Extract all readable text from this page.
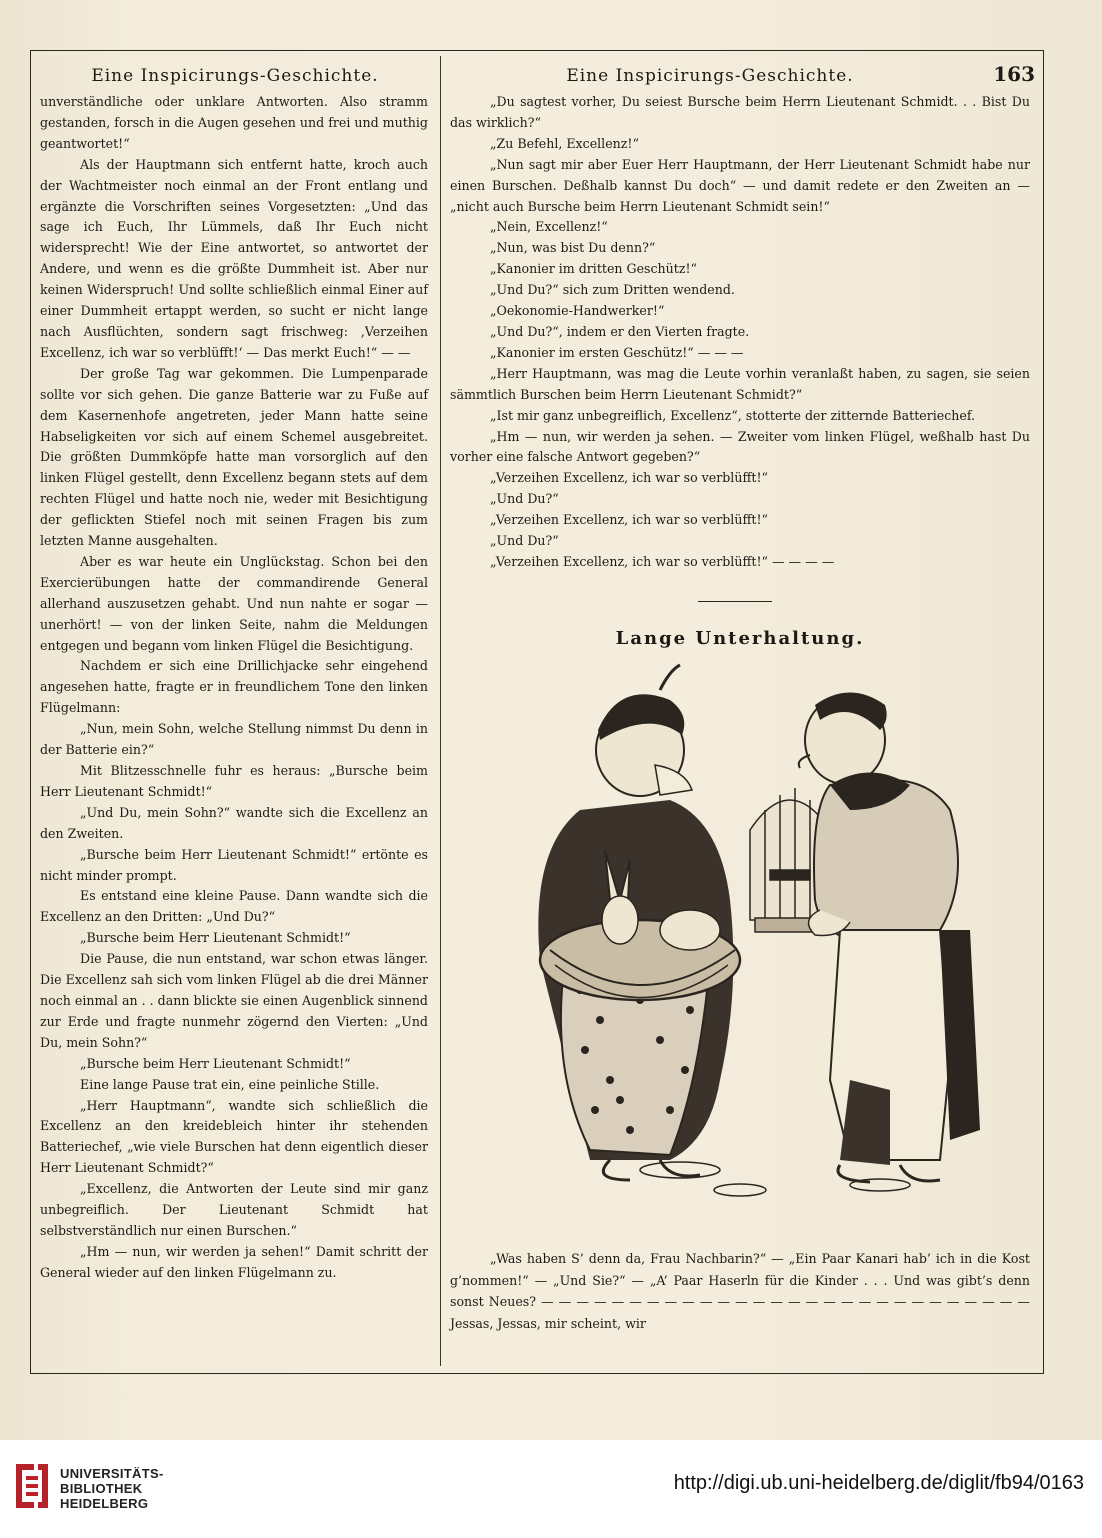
Eine Inspicirungs-Geschichte.	Eine Inspicirungs-Geschichte.	163

unverständliche oder unklare Antworten. Also stramm gestanden, forsch in die Augen gesehen und frei und muthig geantwortet!“

Als der Hauptmann sich entfernt hatte, kroch auch der Wachtmeister noch einmal an der Front entlang und ergänzte die Vorschriften seines Vorgesetzten: „Und das sage ich Euch, Ihr Lümmels, daß Ihr Euch nicht widersprecht! Wie der Eine antwortet, so antwortet der Andere, und wenn es die größte Dummheit ist. Aber nur keinen Widerspruch! Und sollte schließlich einmal Einer auf einer Dummheit ertappt werden, so sucht er nicht lange nach Ausflüchten, sondern sagt frischweg: ‚Verzeihen Excellenz, ich war so verblüfft!‘ — Das merkt Euch!“ — —

Der große Tag war gekommen. Die Lumpenparade sollte vor sich gehen. Die ganze Batterie war zu Fuße auf dem Kasernenhofe angetreten, jeder Mann hatte seine Habseligkeiten vor sich auf einem Schemel ausgebreitet. Die größten Dummköpfe hatte man vorsorglich auf den linken Flügel gestellt, denn Excellenz begann stets auf dem rechten Flügel und hatte noch nie, weder mit Besichtigung der geflickten Stiefel noch mit seinen Fragen bis zum letzten Manne ausgehalten.

Aber es war heute ein Unglückstag. Schon bei den Exercierübungen hatte der commandirende General allerhand auszusetzen gehabt. Und nun nahte er sogar — unerhört! — von der linken Seite, nahm die Meldungen entgegen und begann vom linken Flügel die Besichtigung.

Nachdem er sich eine Drillichjacke sehr eingehend angesehen hatte, fragte er in freundlichem Tone den linken Flügelmann:

„Nun, mein Sohn, welche Stellung nimmst Du denn in der Batterie ein?“

Mit Blitzesschnelle fuhr es heraus: „Bursche beim Herr Lieutenant Schmidt!“

„Und Du, mein Sohn?“ wandte sich die Excellenz an den Zweiten.

„Bursche beim Herr Lieutenant Schmidt!“ ertönte es nicht minder prompt.

Es entstand eine kleine Pause. Dann wandte sich die Excellenz an den Dritten: „Und Du?“

„Bursche beim Herr Lieutenant Schmidt!“

Die Pause, die nun entstand, war schon etwas länger. Die Excellenz sah sich vom linken Flügel ab die drei Männer noch einmal an . . dann blickte sie einen Augenblick sinnend zur Erde und fragte nunmehr zögernd den Vierten: „Und Du, mein Sohn?“

„Bursche beim Herr Lieutenant Schmidt!“

Eine lange Pause trat ein, eine peinliche Stille.

„Herr Hauptmann“, wandte sich schließlich die Excellenz an den kreidebleich hinter ihr stehenden Batteriechef, „wie viele Burschen hat denn eigentlich dieser Herr Lieutenant Schmidt?“

„Excellenz, die Antworten der Leute sind mir ganz unbegreiflich. Der Lieutenant Schmidt hat selbstverständlich nur einen Burschen.“

„Hm — nun, wir werden ja sehen!“ Damit schritt der General wieder auf den linken Flügelmann zu.

„Du sagtest vorher, Du seiest Bursche beim Herrn Lieutenant Schmidt. . . Bist Du das wirklich?“

„Zu Befehl, Excellenz!“

„Nun sagt mir aber Euer Herr Hauptmann, der Herr Lieutenant Schmidt habe nur einen Burschen. Deßhalb kannst Du doch“ — und damit redete er den Zweiten an — „nicht auch Bursche beim Herrn Lieutenant Schmidt sein!“

„Nein, Excellenz!“

„Nun, was bist Du denn?“

„Kanonier im dritten Geschütz!“

„Und Du?“ sich zum Dritten wendend.

„Oekonomie-Handwerker!“

„Und Du?“, indem er den Vierten fragte.

„Kanonier im ersten Geschütz!“ — — —

„Herr Hauptmann, was mag die Leute vorhin veranlaßt haben, zu sagen, sie seien sämmtlich Burschen beim Herrn Lieutenant Schmidt?“

„Ist mir ganz unbegreiflich, Excellenz“, stotterte der zitternde Batteriechef.

„Hm — nun, wir werden ja sehen. — Zweiter vom linken Flügel, weßhalb hast Du vorher eine falsche Antwort gegeben?“

„Verzeihen Excellenz, ich war so verblüfft!“

„Und Du?“

„Verzeihen Excellenz, ich war so verblüfft!“

„Und Du?“

„Verzeihen Excellenz, ich war so verblüfft!“ — — — —

Lange Unterhaltung.

„Was haben S’ denn da, Frau Nachbarin?“ — „Ein Paar Kanari hab’ ich in die Kost g’nommen!“ — „Und Sie?“ — „A’ Paar Haserln für die Kinder . . . Und was gibt’s denn sonst Neues? — — — — — — — — — — — — — — — — — — — — — — — — — — — — Jessas, Jessas, mir scheint, wir

UNIVERSITÄTS-
BIBLIOTHEK
HEIDELBERG
http://digi.ub.uni-heidelberg.de/diglit/fb94/0163
